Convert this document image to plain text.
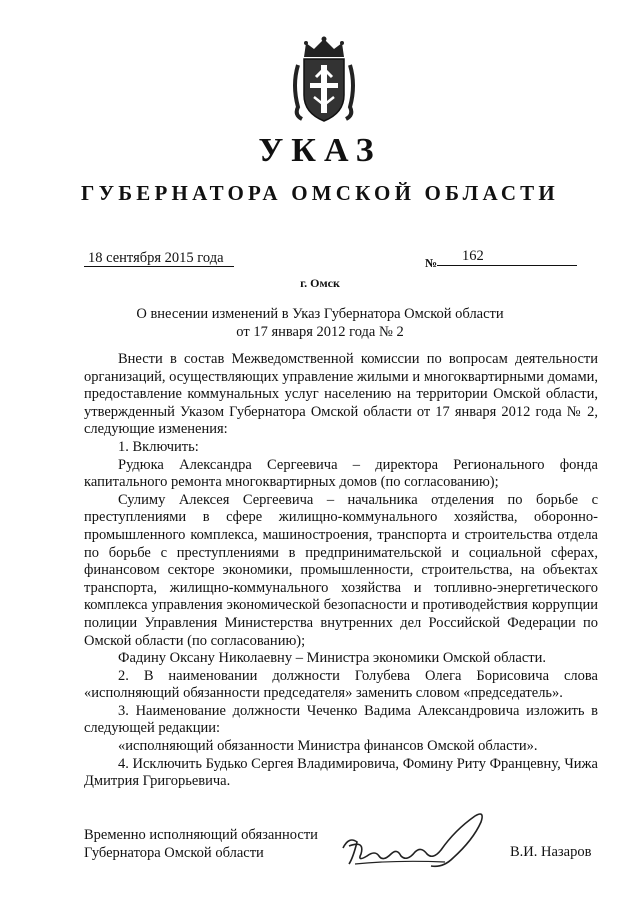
УКАЗ
ГУБЕРНАТОРА ОМСКОЙ ОБЛАСТИ
18 сентября 2015 года	№ 162
г. Омск
О внесении изменений в Указ Губернатора Омской области
от 17 января 2012 года № 2

Внести в состав Межведомственной комиссии по вопросам деятельности организаций, осуществляющих управление жилыми и многоквартирными домами, предоставление коммунальных услуг населению на территории Омской области, утвержденный Указом Губернатора Омской области от 17 января 2012 года № 2, следующие изменения:

1. Включить:

Рудюка Александра Сергеевича – директора Регионального фонда капитального ремонта многоквартирных домов (по согласованию);

Сулиму Алексея Сергеевича – начальника отделения по борьбе с преступлениями в сфере жилищно-коммунального хозяйства, оборонно-промышленного комплекса, машиностроения, транспорта и строительства отдела по борьбе с преступлениями в предпринимательской и социальной сферах, финансовом секторе экономики, промышленности, строительства, на объектах транспорта, жилищно-коммунального хозяйства и топливно-энергетического комплекса управления экономической безопасности и противодействия коррупции полиции Управления Министерства внутренних дел Российской Федерации по Омской области (по согласованию);

Фадину Оксану Николаевну – Министра экономики Омской области.

2. В наименовании должности Голубева Олега Борисовича слова «исполняющий обязанности председателя» заменить словом «председатель».

3. Наименование должности Чеченко Вадима Александровича изложить в следующей редакции:

«исполняющий обязанности Министра финансов Омской области».

4. Исключить Будько Сергея Владимировича, Фомину Риту Францевну, Чижа Дмитрия Григорьевича.

Временно исполняющий обязанности
Губернатора Омской области	В.И. Назаров
